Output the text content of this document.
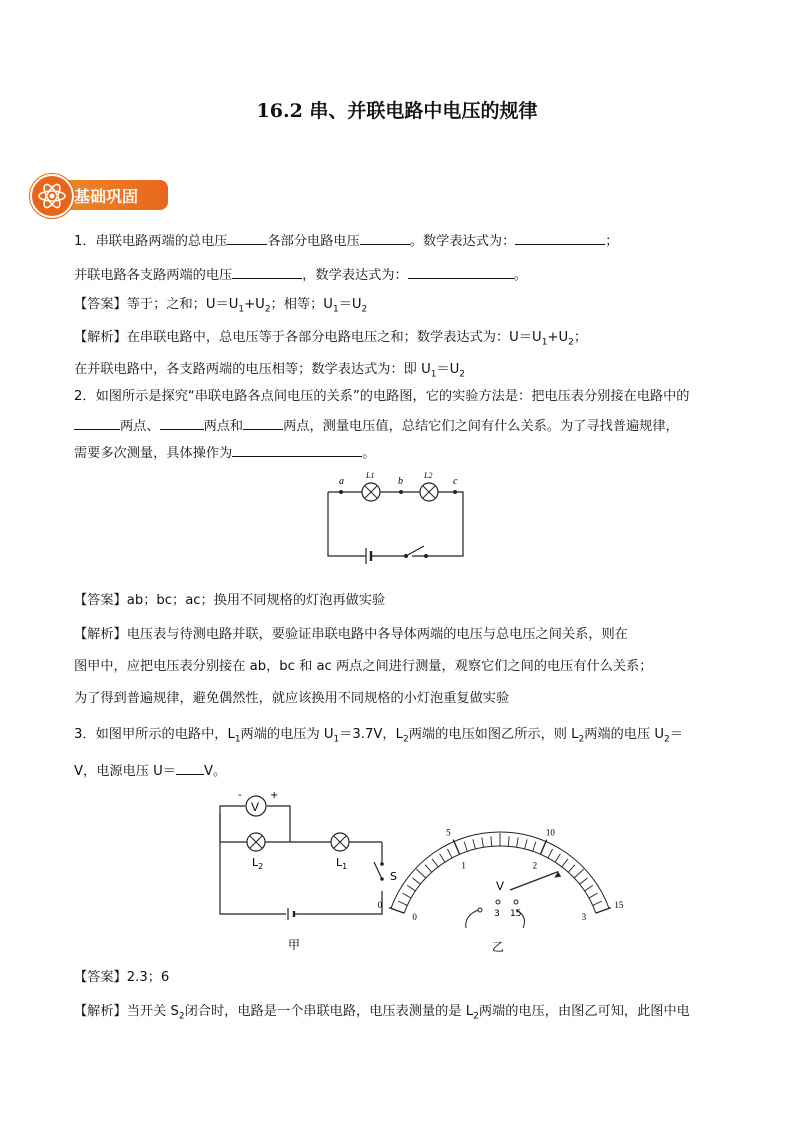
16.2 串、并联电路中电压的规律
基础巩固
1．串联电路两端的总电压	各部分电路电压	。数学表达式为：	；
并联电路各支路两端的电压	，数学表达式为：	。
【答案】等于；之和；$U=U_1+U_2$；相等；$U_1=U_2$
【解析】在串联电路中，总电压等于各部分电路电压之和；数学表达式为：$U=U_1+U_2$；
在并联电路中，各支路两端的电压相等；数学表达式为：即 $U_1=U_2$
2．如图所示是探究“串联电路各点间电压的关系”的电路图，它的实验方法是：把电压表分别接在电路中的
两点、	两点和	两点，测量电压值，总结它们之间有什么关系。为了寻找普遍规律，
需要多次测量，具体操作为	。
a	b	c
L1	L2
【答案】ab；bc；ac；换用不同规格的灯泡再做实验
【解析】电压表与待测电路并联，要验证串联电路中各导体两端的电压与总电压之间关系，则在
图甲中，应把电压表分别接在 ab，bc 和 ac 两点之间进行测量，观察它们之间的电压有什么关系；
为了得到普遍规律，避免偶然性，就应该换用不同规格的小灯泡重复做实验
3．如图甲所示的电路中，$L_1$两端的电压为 $U_1=3.7V$，$L_2$两端的电压如图乙所示，则 $L_2$两端的电压 $U_2=$
V，电源电压 U＝ V。
V
-	+
$L_2$	$L_1$
S
甲
0
5	10
15
0
1	2
3
V
3 15
乙
【答案】2.3；6
【解析】当开关 $S_2$闭合时，电路是一个串联电路，电压表测量的是 $L_2$两端的电压，由图乙可知，此图中电
